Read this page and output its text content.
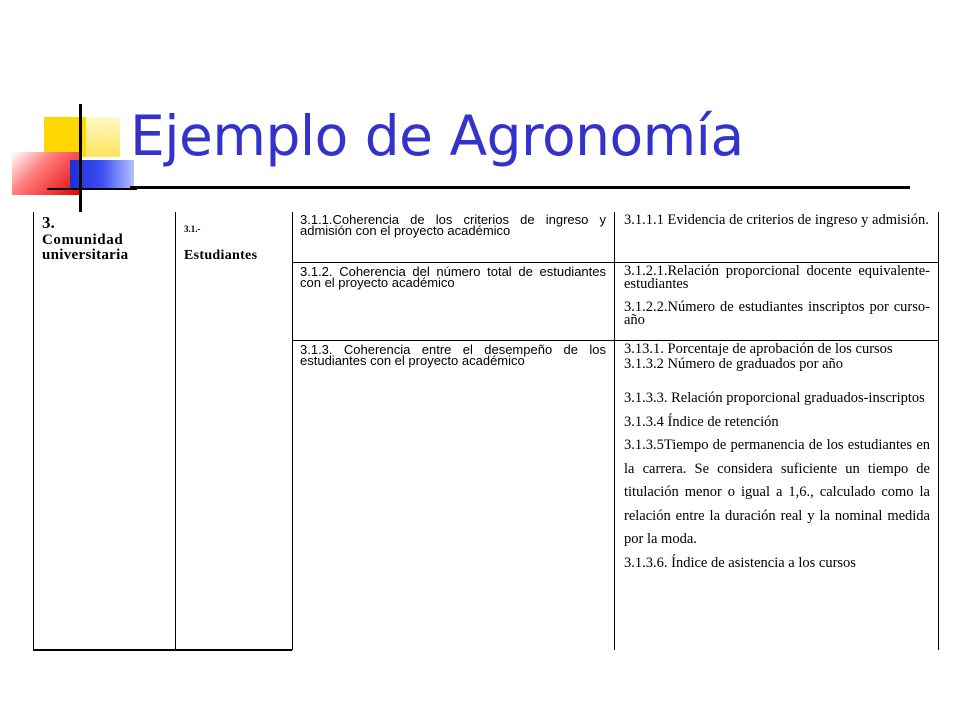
Ejemplo de Agronomía
3.
Comunidad
universitaria
3.1.-
Estudiantes
3.1.1.Coherencia de los criterios de ingreso y admisión con el proyecto académico
3.1.2. Coherencia del número total de estudiantes con el proyecto académico
3.1.3. Coherencia entre el desempeño de los estudiantes con el proyecto académico

3.1.1.1 Evidencia de criterios de ingreso y admisión.

3.1.2.1.Relación proporcional docente equivalente- estudiantes

3.1.2.2.Número de estudiantes inscriptos por curso-año

3.13.1. Porcentaje de aprobación de los cursos

3.1.3.2 Número de graduados por año

3.1.3.3. Relación proporcional graduados-inscriptos

3.1.3.4 Índice de retención

3.1.3.5Tiempo de permanencia de los estudiantes en la carrera. Se considera suficiente un tiempo de titulación menor o igual a 1,6., calculado como la relación entre la duración real y la nominal medida por la moda.

3.1.3.6. Índice de asistencia a los cursos
